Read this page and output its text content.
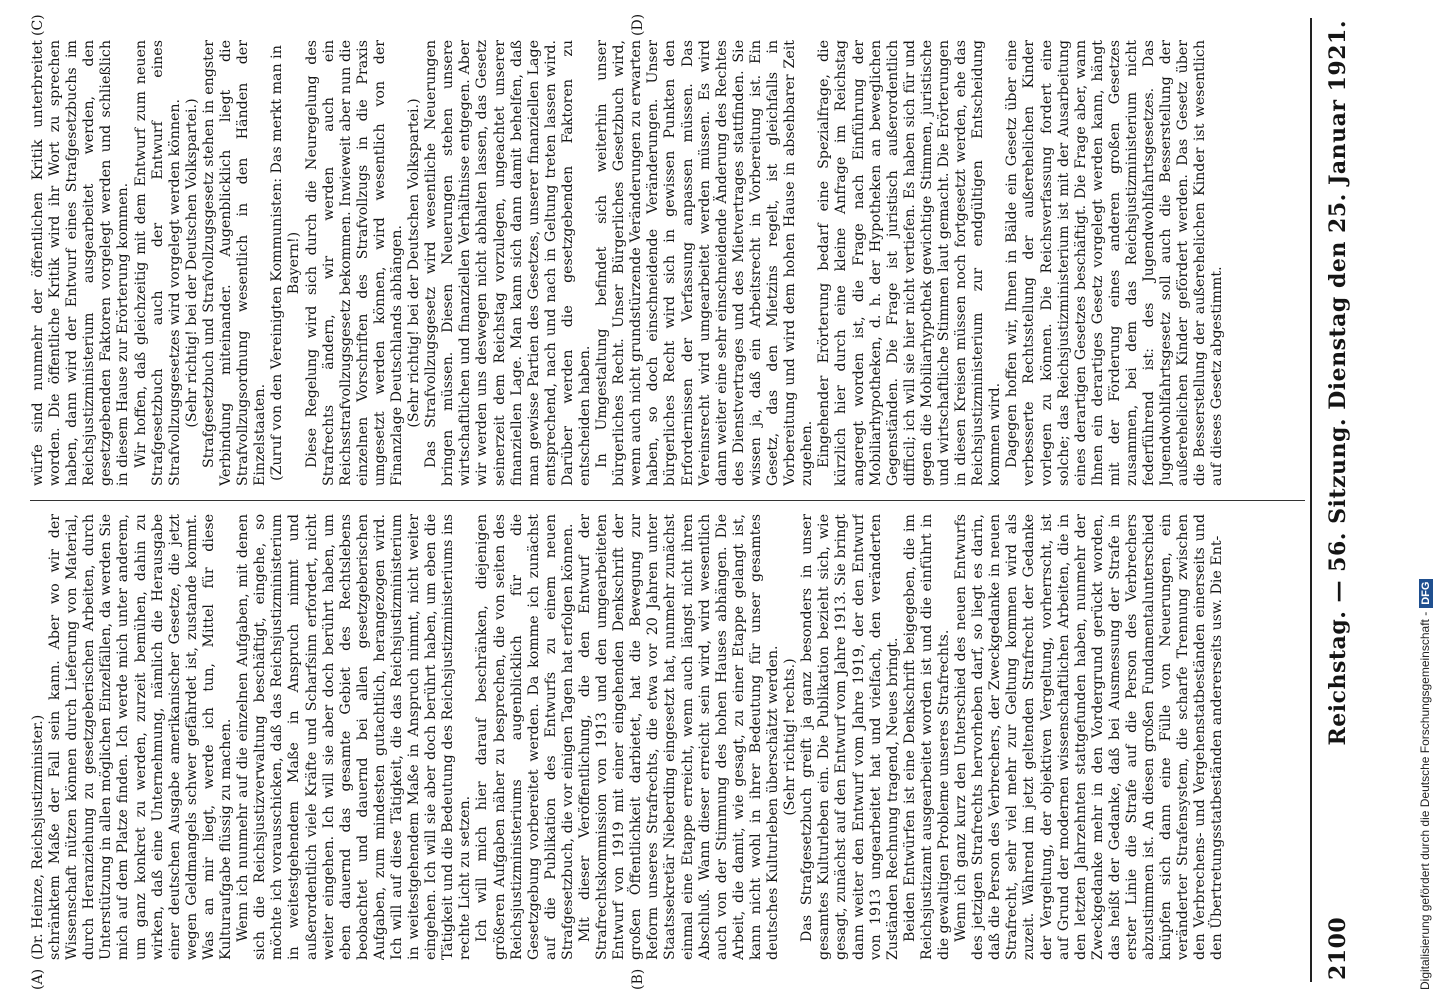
2100
Reichstag. — 56. Sitzung. Dienstag den 25. Januar 1921.
(A)	(B)
(C)	(D)

(Dr. Heinze, Reichsjustizminister.) schränktem Maße der Fall sein kann. Aber wo wir der Wissenschaft nützen können durch Lieferung von Material, durch Heranziehung zu gesetzgeberischen Arbeiten, durch Unterstützung in allen möglichen Einzelfällen, da werden Sie mich auf dem Platze finden. Ich werde mich unter anderem, um ganz konkret zu werden, zurzeit bemühen, dahin zu wirken, daß eine Unternehmung, nämlich die Herausgabe einer deutschen Ausgabe amerikanischer Gesetze, die jetzt wegen Geldmangels schwer gefährdet ist, zustande kommt. Was an mir liegt, werde ich tun, Mittel für diese Kulturaufgabe flüssig zu machen. Wenn ich nunmehr auf die einzelnen Aufgaben, mit denen sich die Reichsjustizverwaltung beschäftigt, eingehe, so möchte ich vorausschicken, daß das Reichsjustizministerium in weitestgehendem Maße in Anspruch nimmt und außerordentlich viele Kräfte und Scharfsinn erfordert, nicht weiter eingehen. Ich will sie aber doch berührt haben, um eben dauernd das gesamte Gebiet des Rechtslebens beobachtet und dauernd bei allen gesetzgeberischen Aufgaben, zum mindesten gutachtlich, herangezogen wird. Ich will auf diese Tätigkeit, die das Reichsjustizministerium in weitestgehendem Maße in Anspruch nimmt, nicht weiter eingehen. Ich will sie aber doch berührt haben, um eben die Tätigkeit und die Bedeutung des Reichsjustizministeriums ins rechte Licht zu setzen. Ich will mich hier darauf beschränken, diejenigen größeren Aufgaben näher zu besprechen, die von seiten des Reichsjustizministeriums augenblicklich für die Gesetzgebung vorbereitet werden. Da komme ich zunächst auf die Publikation des Entwurfs zu einem neuen Strafgesetzbuch, die vor einigen Tagen hat erfolgen können. Mit dieser Veröffentlichung, die den Entwurf der Strafrechtskommission von 1913 und den umgearbeiteten Entwurf von 1919 mit einer eingehenden Denkschrift der großen Öffentlichkeit darbietet, hat die Bewegung zur Reform unseres Strafrechts, die etwa vor 20 Jahren unter Staatssekretär Nieberding eingesetzt hat, nunmehr zunächst einmal eine Etappe erreicht, wenn auch längst nicht ihren Abschluß. Wann dieser erreicht sein wird, wird wesentlich auch von der Stimmung des hohen Hauses abhängen. Die Arbeit, die damit, wie gesagt, zu einer Etappe gelangt ist, kann nicht wohl in ihrer Bedeutung für unser gesamtes deutsches Kulturleben überschätzt werden. (Sehr richtig! rechts.) Das Strafgesetzbuch greift ja ganz besonders in unser gesamtes Kulturleben ein. Die Publikation bezieht sich, wie gesagt, zunächst auf den Entwurf vom Jahre 1913. Sie bringt dann weiter den Entwurf vom Jahre 1919, der den Entwurf von 1913 ungearbeitet hat und vielfach, den veränderten Zuständen Rechnung tragend, Neues bringt. Beiden Entwürfen ist eine Denkschrift beigegeben, die im Reichsjustizamt ausgearbeitet worden ist und die einführt in die gewaltigen Probleme unseres Strafrechts. Wenn ich ganz kurz den Unterschied des neuen Entwurfs des jetzigen Strafrechts hervorheben darf, so liegt es darin, daß die Person des Verbrechers, der Zweckgedanke in neuen Strafrecht, sehr viel mehr zur Geltung kommen wird als zuzeit. Während im jetzt geltenden Strafrecht der Gedanke der Vergeltung, der objektiven Vergeltung, vorherrscht, ist auf Grund der modernen wissenschaftlichen Arbeiten, die in den letzten Jahrzehnten stattgefunden haben, nunmehr der Zweckgedanke mehr in den Vordergrund gerückt worden, das heißt der Gedanke, daß bei Ausmessung der Strafe in erster Linie die Strafe auf die Person des Verbrechers abzustimmen ist. An diesen großen Fundamentalunterschied knüpfen sich dann eine Fülle von Neuerungen, ein veränderter Strafensystem, die scharfe Trennung zwischen den Verbrechens- und Vergehenstatbeständen einerseits und den Übertretungsstatbeständen andererseits usw. Die Ent-

würfe sind nunmehr der öffentlichen Kritik unterbreitet worden. Die öffentliche Kritik wird ihr Wort zu sprechen haben, dann wird der Entwurf eines Strafgesetzbuchs im Reichsjustizministerium ausgearbeitet werden, den gesetzgebenden Faktoren vorgelegt werden und schließlich in diesem Hause zur Erörterung kommen. Wir hoffen, daß gleichzeitig mit dem Entwurf zum neuen Strafgesetzbuch auch der Entwurf eines Strafvollzugsgesetzes wird vorgelegt werden können. (Sehr richtig! bei der Deutschen Volkspartei.) Strafgesetzbuch und Strafvollzugsgesetz stehen in engster Verbindung miteinander. Augenblicklich liegt die Strafvollzugsordnung wesentlich in den Händen der Einzelstaaten. (Zuruf von den Vereinigten Kommunisten: Das merkt man in Bayern!) Diese Regelung wird sich durch die Neuregelung des Strafrechts ändern, wir werden auch ein Reichsstrafvollzugsgesetz bekommen. Inwieweit aber nun die einzelnen Vorschriften des Strafvollzugs in die Praxis umgesetzt werden können, wird wesentlich von der Finanzlage Deutschlands abhängen. (Sehr richtig! bei der Deutschen Volkspartei.) Das Strafvollzugsgesetz wird wesentliche Neuerungen bringen müssen. Diesen Neuerungen stehen unsere wirtschaftlichen und finanziellen Verhältnisse entgegen. Aber wir werden uns deswegen nicht abhalten lassen, das Gesetz seinerzeit dem Reichstag vorzulegen, ungeachtet unserer finanziellen Lage. Man kann sich dann damit behelfen, daß man gewisse Partien des Gesetzes, unserer finanziellen Lage entsprechend, nach und nach in Geltung treten lassen wird. Darüber werden die gesetzgebenden Faktoren zu entscheiden haben. In Umgestaltung befindet sich weiterhin unser bürgerliches Recht. Unser Bürgerliches Gesetzbuch wird, wenn auch nicht grundstürzende Veränderungen zu erwarten haben, so doch einschneidende Veränderungen. Unser bürgerliches Recht wird sich in gewissen Punkten den Erfordernissen der Verfassung anpassen müssen. Das Vereinsrecht wird umgearbeitet werden müssen. Es wird dann weiter eine sehr einschneidende Änderung des Rechtes des Dienstvertrages und des Mietvertrages stattfinden. Sie wissen ja, daß ein Arbeitsrecht in Vorbereitung ist. Ein Gesetz, das den Mietzins regelt, ist gleichfalls in Vorbereitung und wird dem hohen Hause in absehbarer Zeit zugehen. Eingehender Erörterung bedarf eine Spezialfrage, die kürzlich hier durch eine kleine Anfrage im Reichstag angeregt worden ist, die Frage nach Einführung der Mobiliarhypotheken, d. h. der Hypotheken an beweglichen Gegenständen. Die Frage ist juristisch außerordentlich difficil; ich will sie hier nicht vertiefen. Es haben sich für und gegen die Mobiliarhypothek gewichtige Stimmen, juristische und wirtschaftliche Stimmen laut gemacht. Die Erörterungen in diesen Kreisen müssen noch fortgesetzt werden, ehe das Reichsjustizministerium zur endgültigen Entscheidung kommen wird. Dagegen hoffen wir, Ihnen in Bälde ein Gesetz über eine verbesserte Rechtsstellung der außerehelichen Kinder vorlegen zu können. Die Reichsverfassung fordert eine solche; das Reichsjustizministerium ist mit der Ausarbeitung eines derartigen Gesetzes beschäftigt. Die Frage aber, wann Ihnen ein derartiges Gesetz vorgelegt werden kann, hängt mit der Förderung eines anderen großen Gesetzes zusammen, bei dem das Reichsjustizministerium nicht federführend ist: des Jugendwohlfahrtsgesetzes. Das Jugendwohlfahrtsgesetz soll auch die Besserstellung der außerehelichen Kinder gefördert werden. Das Gesetz über die Besserstellung der außerehelichen Kinder ist wesentlich auf dieses Gesetz abgestimmt.

Digitalisierung gefördert durch die Deutsche Forschungsgemeinschaft -DFG
